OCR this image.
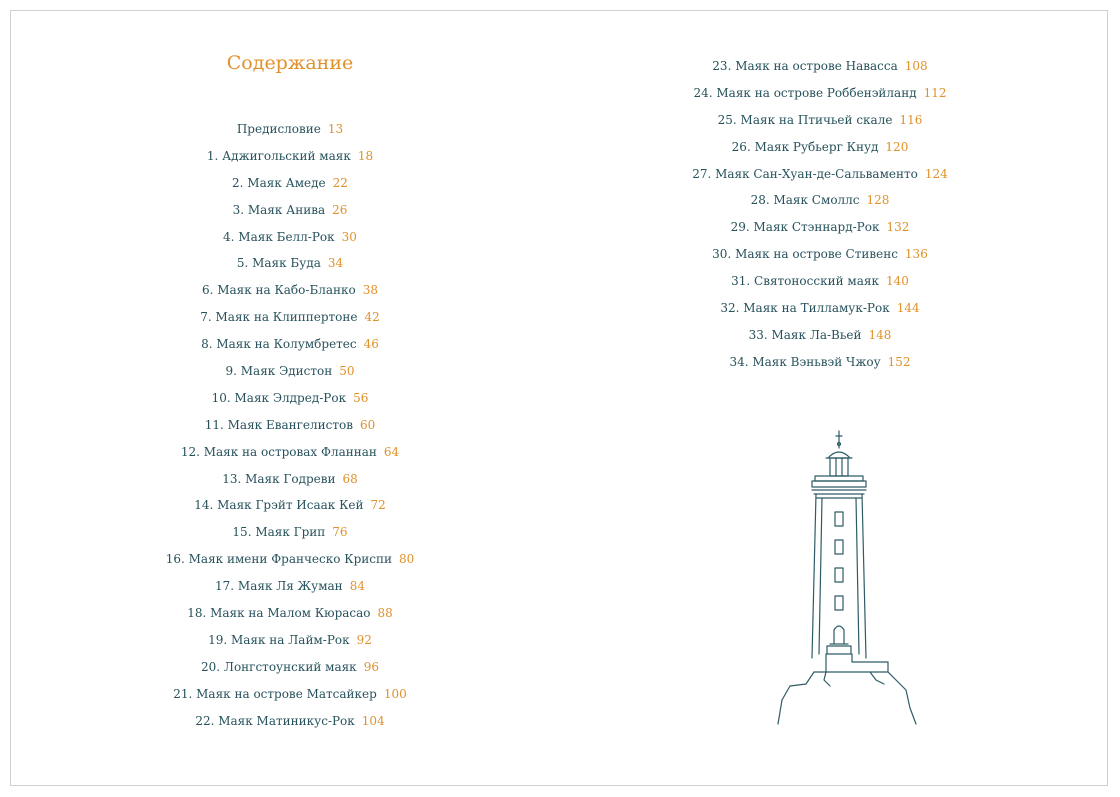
Содержание
Предисловие 13
1. Аджигольский маяк 18
2. Маяк Амеде 22
3. Маяк Анива 26
4. Маяк Белл-Рок 30
5. Маяк Буда 34
6. Маяк на Кабо-Бланко 38
7. Маяк на Клиппертоне 42
8. Маяк на Колумбретес 46
9. Маяк Эдистон 50
10. Маяк Элдред-Рок 56
11. Маяк Евангелистов 60
12. Маяк на островах Фланнан 64
13. Маяк Годреви 68
14. Маяк Грэйт Исаак Кей 72
15. Маяк Грип 76
16. Маяк имени Франческо Криспи 80
17. Маяк Ля Жуман 84
18. Маяк на Малом Кюрасао 88
19. Маяк на Лайм-Рок 92
20. Лонгстоунский маяк 96
21. Маяк на острове Матсайкер 100
22. Маяк Матиникус-Рок 104
23. Маяк на острове Навасса 108
24. Маяк на острове Роббенэйланд 112
25. Маяк на Птичьей скале 116
26. Маяк Рубьерг Кнуд 120
27. Маяк Сан-Хуан-де-Сальваменто 124
28. Маяк Смоллс 128
29. Маяк Стэннард-Рок 132
30. Маяк на острове Стивенс 136
31. Святоносский маяк 140
32. Маяк на Тилламук-Рок 144
33. Маяк Ла-Вьей 148
34. Маяк Вэньвэй Чжоу 152
